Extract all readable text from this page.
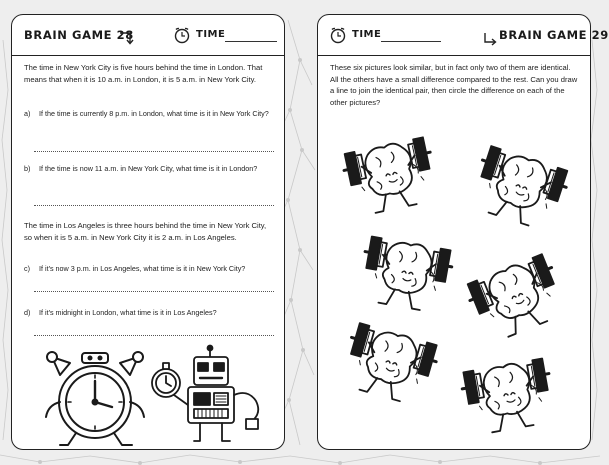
BRAIN GAME 28	TIME
The time in New York City is five hours behind the time in London. That means that when it is 10 a.m. in London, it is 5 a.m. in New York City.
a) If the time is currently 8 p.m. in London, what time is it in New York City?
b) If the time is now 11 a.m. in New York City, what time is it in London?
The time in Los Angeles is three hours behind the time in New York City, so when it is 5 a.m. in New York City it is 2 a.m. in Los Angeles.
c) If it's now 3 p.m. in Los Angeles, what time is it in New York City?
d) If it's midnight in London, what time is it in Los Angeles?
TIME	BRAIN GAME 29
These six pictures look similar, but in fact only two of them are identical. All the others have a small difference compared to the rest. Can you draw a line to join the identical pair, then circle the difference on each of the other pictures?
